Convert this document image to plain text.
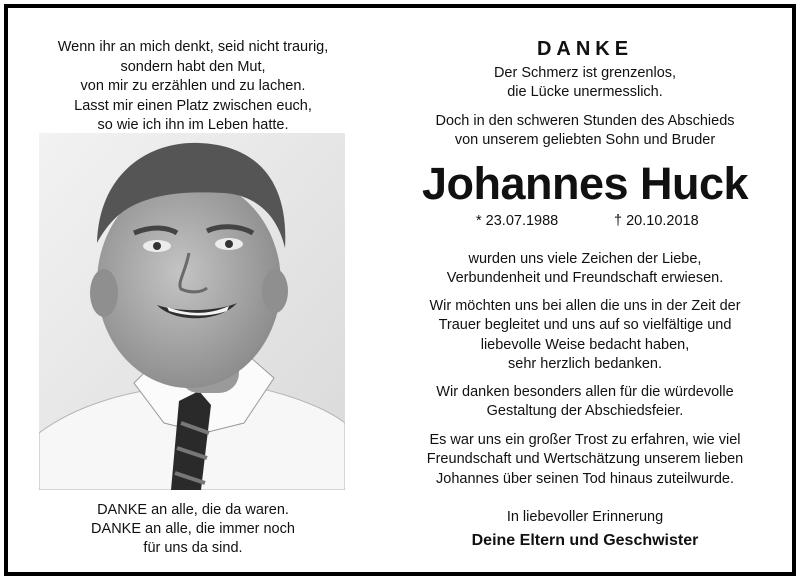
Wenn ihr an mich denkt, seid nicht traurig,
sondern habt den Mut,
von mir zu erzählen und zu lachen.
Lasst mir einen Platz zwischen euch,
so wie ich ihn im Leben hatte.
DANKE an alle, die da waren.
DANKE an alle, die immer noch
für uns da sind.
DANKE
Der Schmerz ist grenzenlos,
die Lücke unermesslich.
Doch in den schweren Stunden des Abschieds
von unserem geliebten Sohn und Bruder
Johannes Huck
* 23.07.1988	† 20.10.2018
wurden uns viele Zeichen der Liebe,
Verbundenheit und Freundschaft erwiesen.
Wir möchten uns bei allen die uns in der Zeit der
Trauer begleitet und uns auf so vielfältige und
liebevolle Weise bedacht haben,
sehr herzlich bedanken.
Wir danken besonders allen für die würdevolle
Gestaltung der Abschiedsfeier.
Es war uns ein großer Trost zu erfahren, wie viel
Freundschaft und Wertschätzung unserem lieben
Johannes über seinen Tod hinaus zuteilwurde.
In liebevoller Erinnerung
Deine Eltern und Geschwister
